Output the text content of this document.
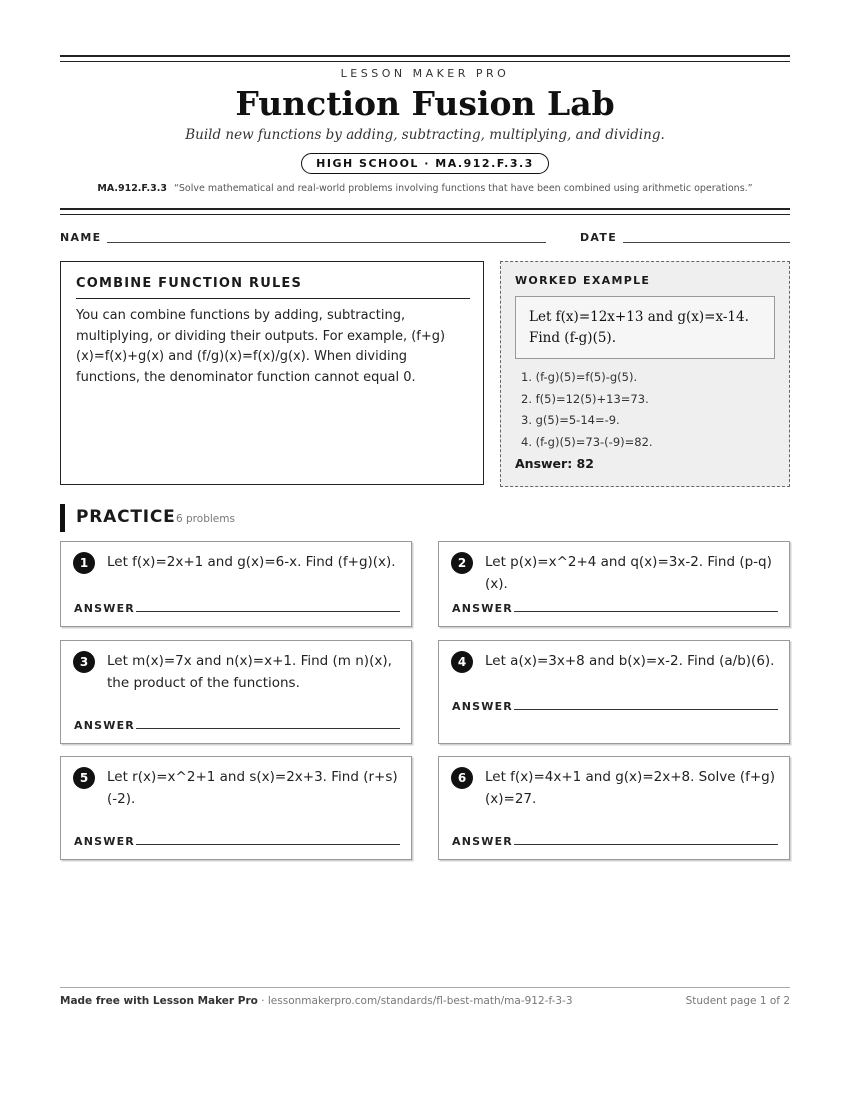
LESSON MAKER PRO
Function Fusion Lab
Build new functions by adding, subtracting, multiplying, and dividing.
HIGH SCHOOL · MA.912.F.3.3
MA.912.F.3.3 “Solve mathematical and real-world problems involving functions that have been combined using arithmetic operations.”
NAME	DATE
COMBINE FUNCTION RULES
You can combine functions by adding, subtracting, multiplying, or dividing their outputs. For example, (f+g)(x)=f(x)+g(x) and (f/g)(x)=f(x)/g(x). When dividing functions, the denominator function cannot equal 0.
WORKED EXAMPLE
Let f(x)=12x+13 and g(x)=x-14.
Find (f-g)(5).
1. (f-g)(5)=f(5)-g(5).
2. f(5)=12(5)+13=73.
3. g(5)=5-14=-9.
4. (f-g)(5)=73-(-9)=82.
Answer: 82
PRACTICE 6 problems
1	Let f(x)=2x+1 and g(x)=6-x. Find (f+g)(x).
ANSWER
2	Let p(x)=x^2+4 and q(x)=3x-2. Find (p-q)(x).
ANSWER
3	Let m(x)=7x and n(x)=x+1. Find (m n)(x), the product of the functions.
ANSWER
4	Let a(x)=3x+8 and b(x)=x-2. Find (a/b)(6).
ANSWER
5	Let r(x)=x^2+1 and s(x)=2x+3. Find (r+s)(-2).
ANSWER
6	Let f(x)=4x+1 and g(x)=2x+8. Solve (f+g)(x)=27.
ANSWER
Made free with Lesson Maker Pro · lessonmakerpro.com/standards/fl-best-math/ma-912-f-3-3	Student page 1 of 2
